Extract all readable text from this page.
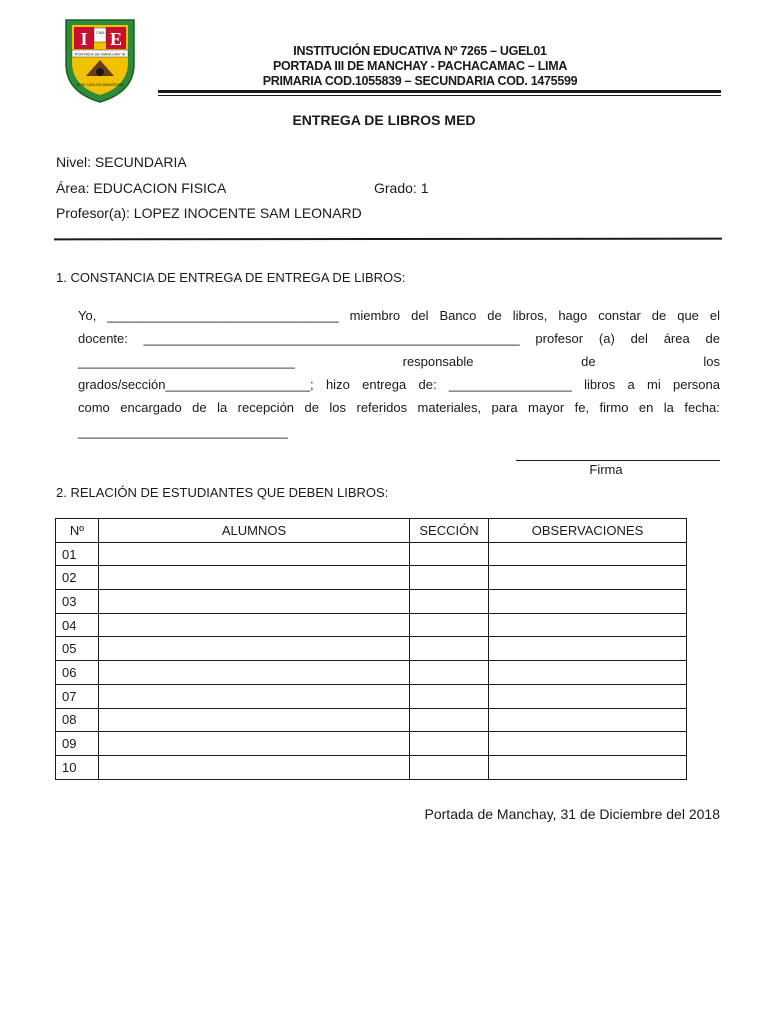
I E
7265
PORTADA DE MANCHAY III
JOSE CARLOS MARIATEGUI
INSTITUCIÓN EDUCATIVA Nº 7265 – UGEL01
PORTADA III DE MANCHAY - PACHACAMAC – LIMA
PRIMARIA COD.1055839 – SECUNDARIA COD. 1475599
ENTREGA DE LIBROS MED
Nivel: SECUNDARIA
Área: EDUCACION FISICA	Grado: 1
Profesor(a): LOPEZ INOCENTE SAM LEONARD
1. CONSTANCIA DE ENTREGA DE ENTREGA DE LIBROS:
Yo, ________________________________ miembro del Banco de libros, hago constar de que el
docente: ____________________________________________________ profesor (a) del área de
______________________________	responsable	de	los
grados/sección____________________; hizo entrega de: _________________ libros a mi persona
como encargado de la recepción de los referidos materiales, para mayor fe, firmo en la fecha:
_____________________________
Firma
2. RELACIÓN DE ESTUDIANTES QUE DEBEN LIBROS:
Nº	ALUMNOS	SECCIÓN	OBSERVACIONES
01			
02			
03			
04			
05			
06			
07			
08			
09			
10			
Portada de Manchay, 31 de Diciembre del 2018
